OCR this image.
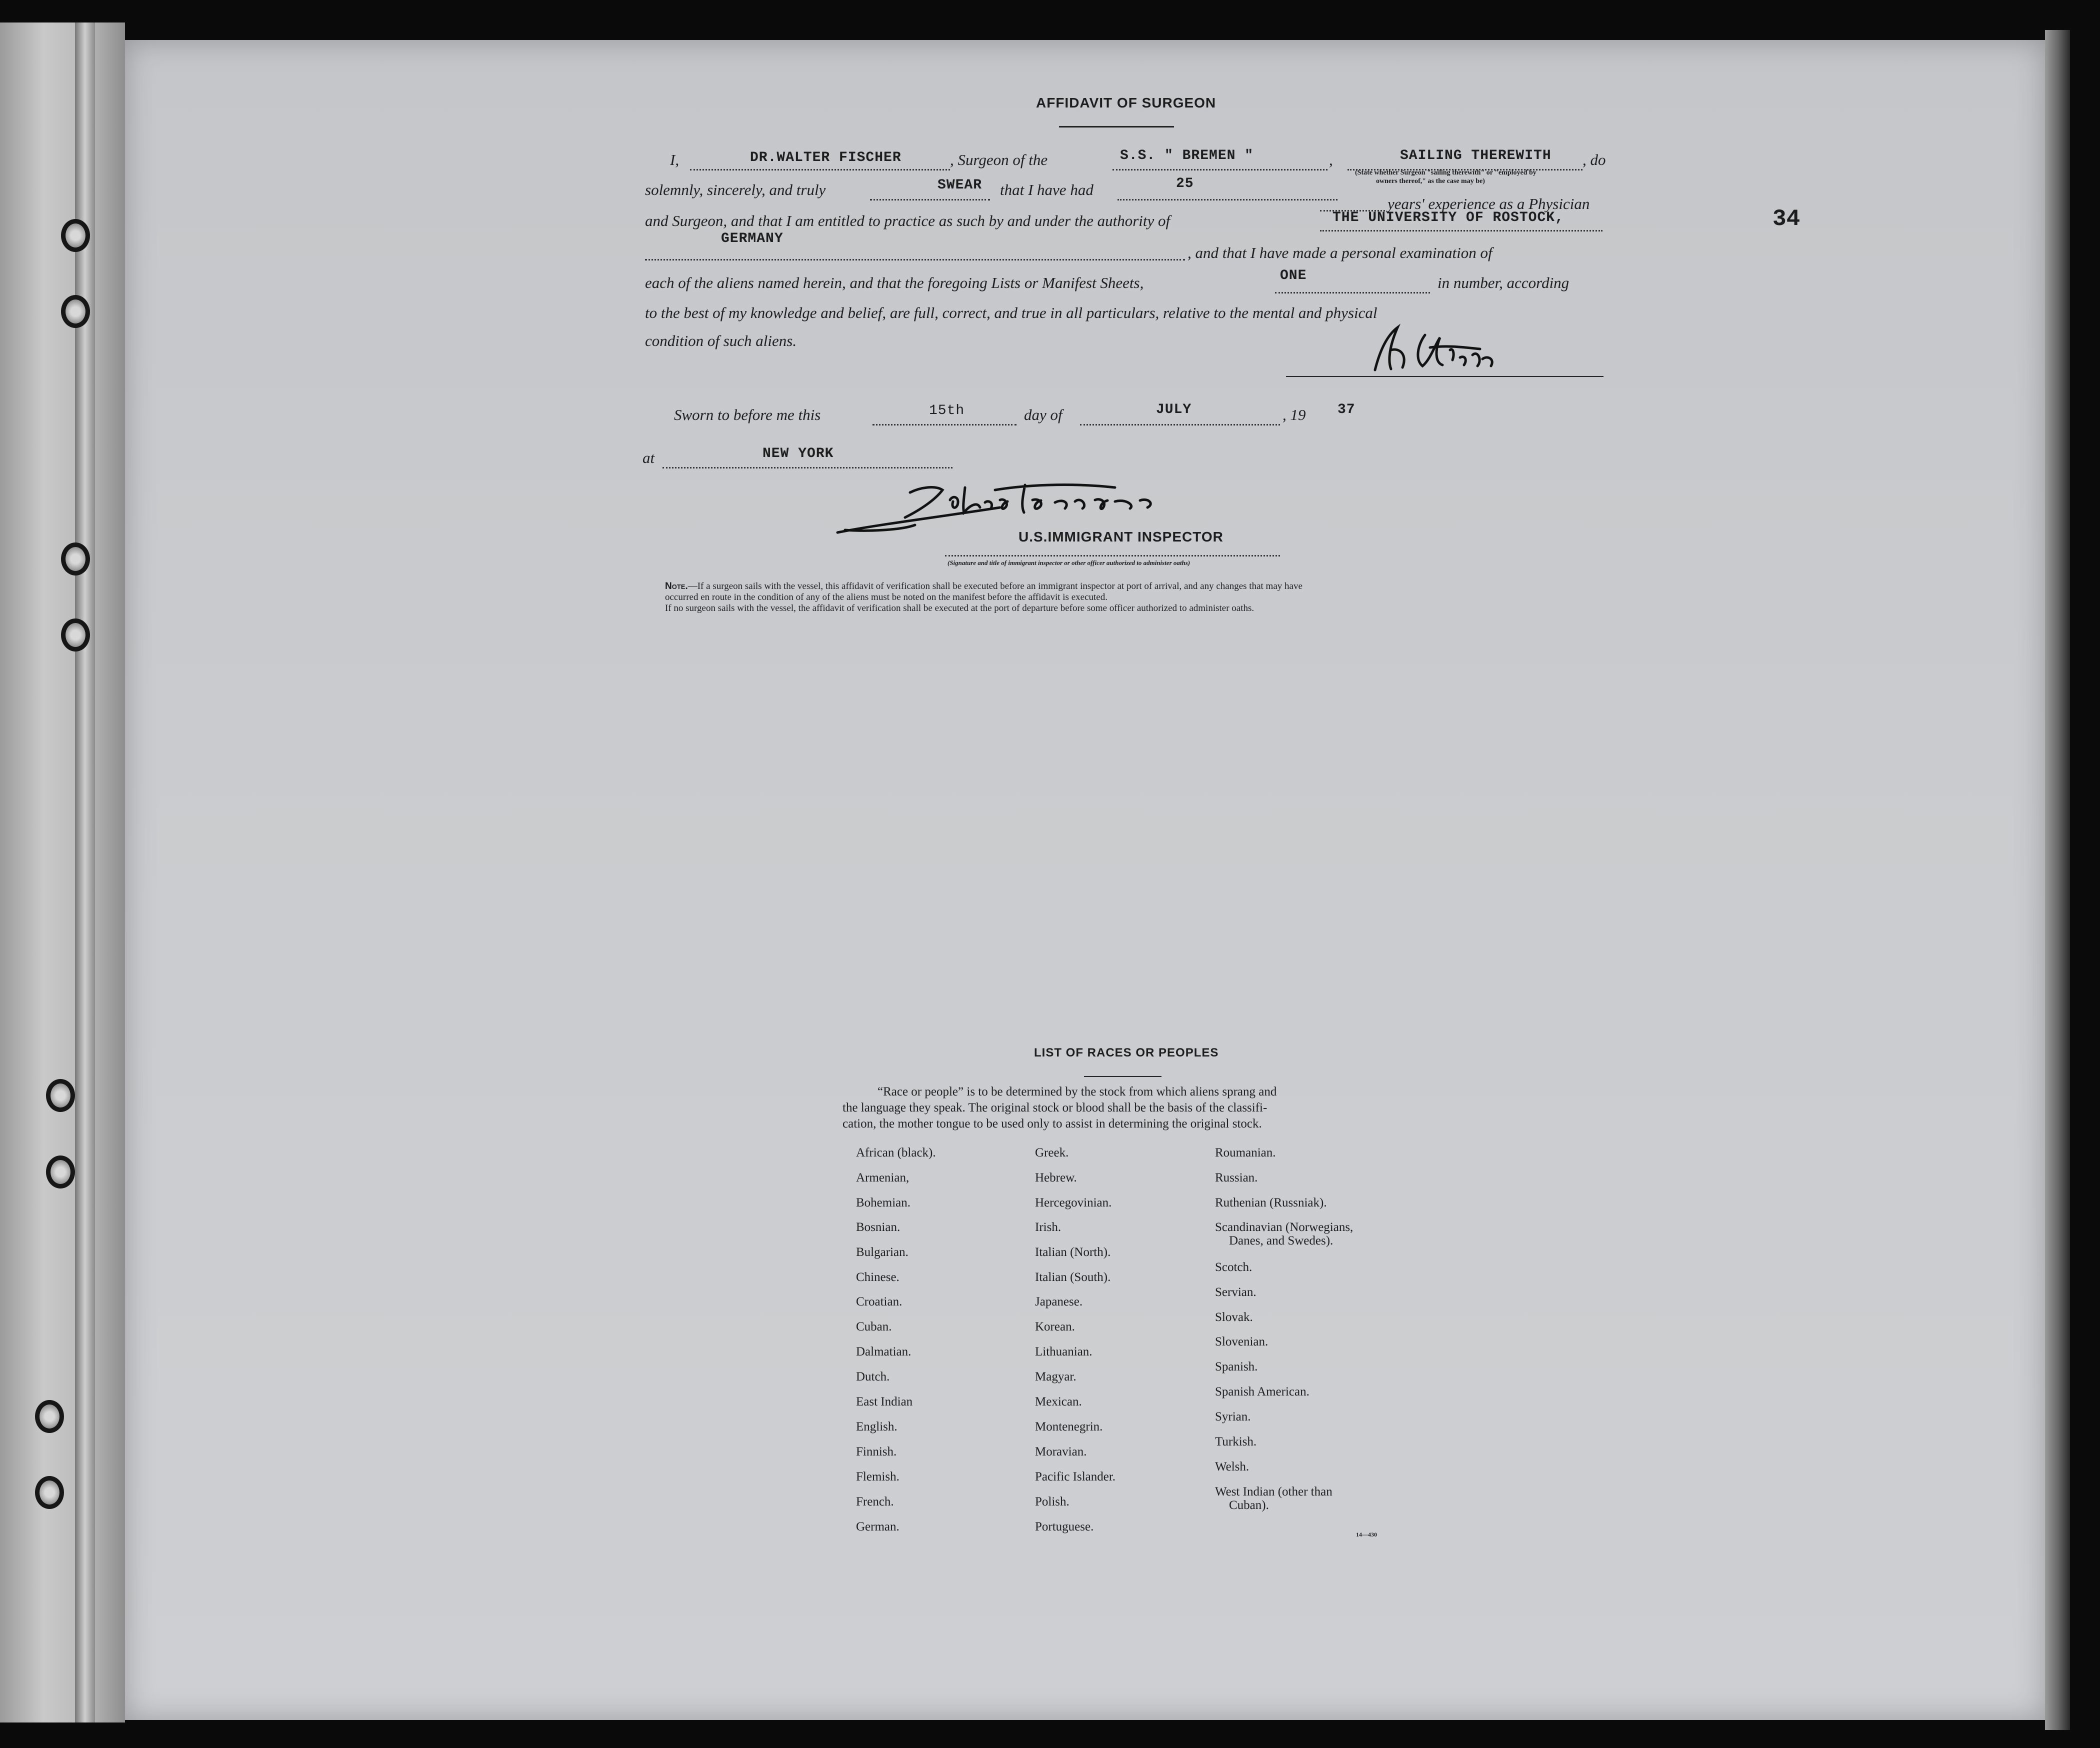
34
AFFIDAVIT OF SURGEON
I,	DR.WALTER FISCHER	, Surgeon of the	S.S. " BREMEN "	,	SAILING THEREWITH , do
(State whether Surgeon "sailing therewith" or "employed by
owners thereof," as the case may be)
solemnly, sincerely, and truly	SWEAR that I have had	25
years' experience as a Physician
and Surgeon, and that I am entitled to practice as such by and under the authority of	THE UNIVERSITY OF ROSTOCK,
GERMANY
, and that I have made a personal examination of
each of the aliens named herein, and that the foregoing Lists or Manifest Sheets,	ONE	in number, according
to the best of my knowledge and belief, are full, correct, and true in all particulars, relative to the mental and physical
condition of such aliens.
Sworn to before me this	15th	day of	JULY	, 19 37
at	NEW YORK
U.S.IMMIGRANT INSPECTOR
(Signature and title of immigrant inspector or other officer authorized to administer oaths)
Note.—If a surgeon sails with the vessel, this affidavit of verification shall be executed before an immigrant inspector at port of arrival, and any changes that may have
occurred en route in the condition of any of the aliens must be noted on the manifest before the affidavit is executed.
If no surgeon sails with the vessel, the affidavit of verification shall be executed at the port of departure before some officer authorized to administer oaths.
LIST OF RACES OR PEOPLES
“Race or people” is to be determined by the stock from which aliens sprang and
the language they speak. The original stock or blood shall be the basis of the classifi-
cation, the mother tongue to be used only to assist in determining the original stock.
African (black).
Armenian,
Bohemian.
Bosnian.
Bulgarian.
Chinese.
Croatian.
Cuban.
Dalmatian.
Dutch.
East Indian
English.
Finnish.
Flemish.
French.
German.
Greek.
Hebrew.
Hercegovinian.
Irish.
Italian (North).
Italian (South).
Japanese.
Korean.
Lithuanian.
Magyar.
Mexican.
Montenegrin.
Moravian.
Pacific Islander.
Polish.
Portuguese.
Roumanian.
Russian.
Ruthenian (Russniak).
Scandinavian (Norwegians,
Danes, and Swedes).
Scotch.
Servian.
Slovak.
Slovenian.
Spanish.
Spanish American.
Syrian.
Turkish.
Welsh.
West Indian (other than
Cuban).
14—430
